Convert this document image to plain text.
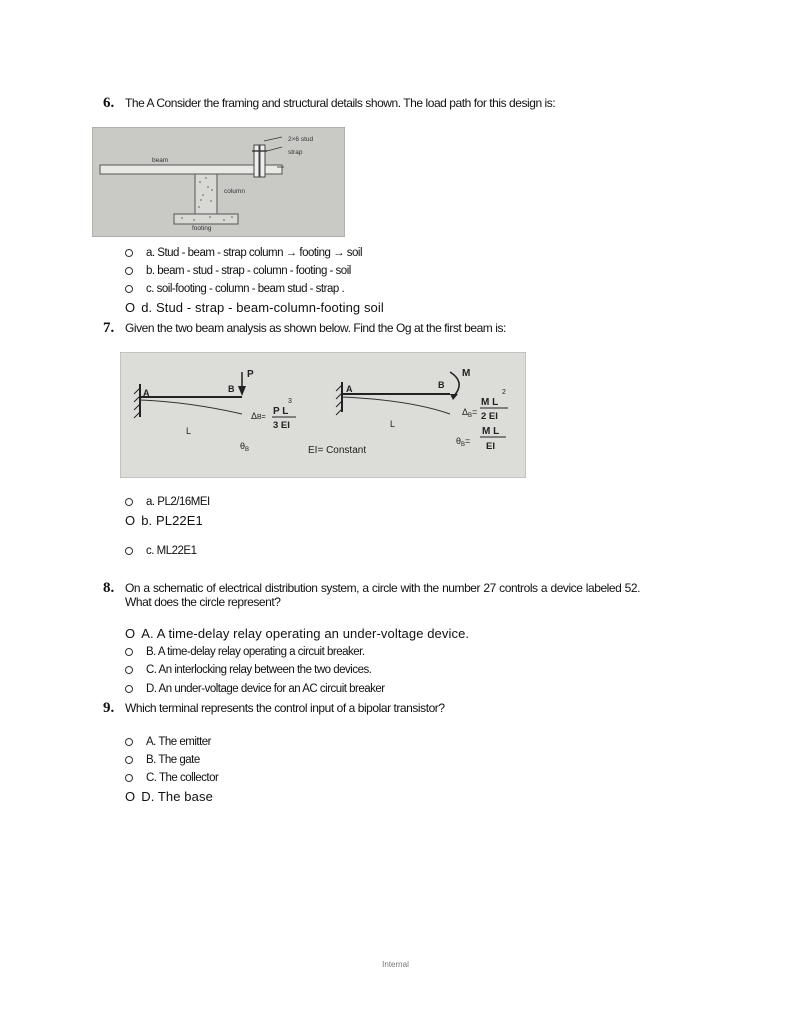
6. The A Consider the framing and structural details shown. The load path for this design is:
2×6 stud
strap
beam
column
footing
a. Stud - beam - strap column → footing → soil
b. beam - stud - strap - column - footing - soil
c. soil-footing - column - beam stud - strap .
O d. Stud - strap - beam-column-footing soil
7. Given the two beam analysis as shown below. Find the Og at the first beam is:
A	B
P
L
$\theta_B$
ΔB=
P L
3
3 EI
EI= Constant
A	B
M
L
$\Delta_B=$
M L
2
2 EI
$\theta_B=$
M L
EI
a. PL2/16MEI
O b. PL22E1
c. ML22E1
8. On a schematic of electrical distribution system, a circle with the number 27 controls a device labeled 52. What does the circle represent?
O A. A time-delay relay operating an under-voltage device.
B. A time-delay relay operating a circuit breaker.
C. An interlocking relay between the two devices.
D. An under-voltage device for an AC circuit breaker
9. Which terminal represents the control input of a bipolar transistor?
A. The emitter
B. The gate
C. The collector
O D. The base
Internal
